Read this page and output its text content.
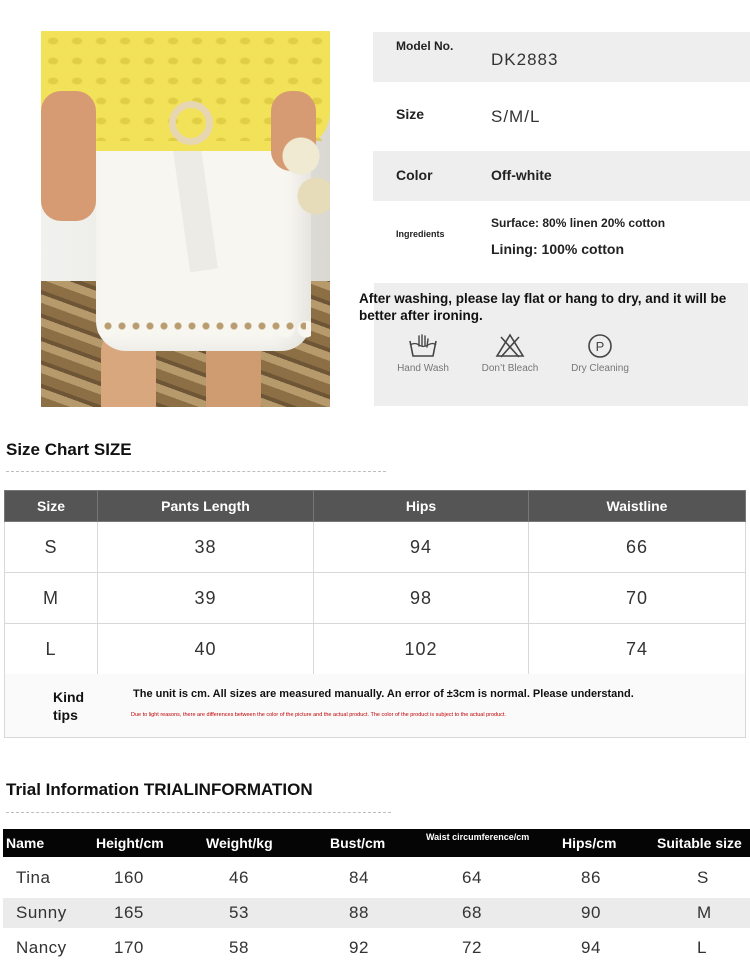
Model No.
DK2883
Size	S/M/L
Color	Off-white
Ingredients
Surface: 80% linen 20% cotton
Lining: 100% cotton
After washing, please lay flat or hang to dry, and it will be better after ironing.
Hand Wash	Don’t Bleach
P
Dry Cleaning
Size Chart SIZE
Size	Pants Length	Hips	Waistline
S	38	94	66
M	39	98	70
L	40	102	74
Kind tips
The unit is cm. All sizes are measured manually. An error of ±3cm is normal. Please understand.
Due to light reasons, there are differences between the color of the picture and the actual product. The color of the product is subject to the actual product.
Trial Information TRIALINFORMATION
Name	Height/cm	Weight/kg	Bust/cm	Waist circumference/cm	Hips/cm	Suitable size
Tina	160	46	84	64	86	S
Sunny	165	53	88	68	90	M
Nancy	170	58	92	72	94	L
